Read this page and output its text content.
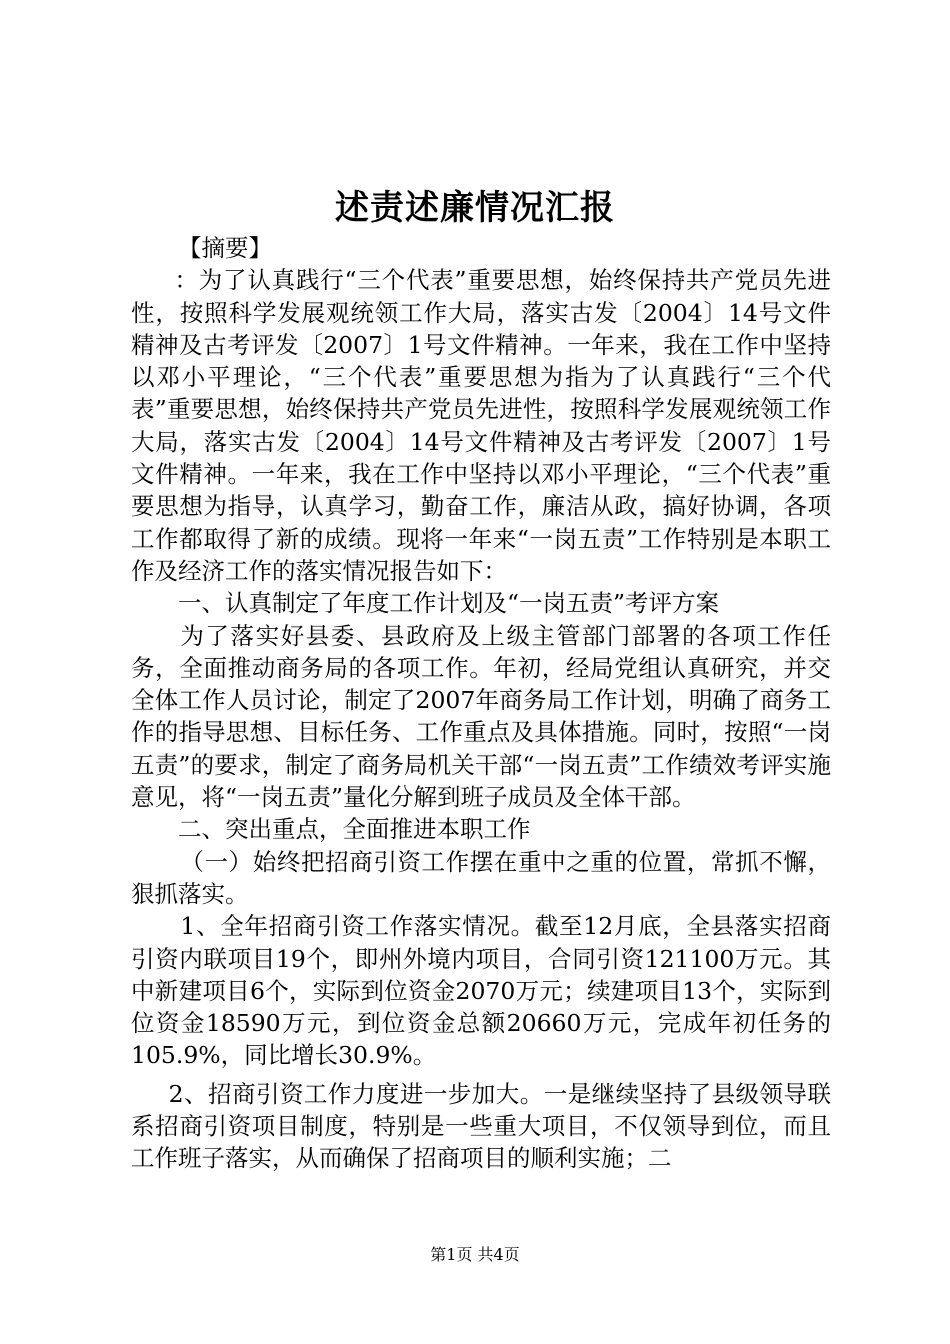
述责述廉情况汇报

【摘要】

：为了认真践行“三个代表”重要思想，始终保持共产党员先进性，按照科学发展观统领工作大局，落实古发〔2004〕14号文件精神及古考评发〔2007〕1号文件精神。一年来，我在工作中坚持以邓小平理论，“三个代表”重要思想为指为了认真践行“三个代表”重要思想，始终保持共产党员先进性，按照科学发展观统领工作大局，落实古发〔2004〕14号文件精神及古考评发〔2007〕1号文件精神。一年来，我在工作中坚持以邓小平理论，“三个代表”重要思想为指导，认真学习，勤奋工作，廉洁从政，搞好协调，各项工作都取得了新的成绩。现将一年来“一岗五责”工作特别是本职工作及经济工作的落实情况报告如下：

一、认真制定了年度工作计划及“一岗五责”考评方案

为了落实好县委、县政府及上级主管部门部署的各项工作任务，全面推动商务局的各项工作。年初，经局党组认真研究，并交全体工作人员讨论，制定了2007年商务局工作计划，明确了商务工作的指导思想、目标任务、工作重点及具体措施。同时，按照“一岗五责”的要求，制定了商务局机关干部“一岗五责”工作绩效考评实施意见，将“一岗五责”量化分解到班子成员及全体干部。

二、突出重点，全面推进本职工作

（一）始终把招商引资工作摆在重中之重的位置，常抓不懈，狠抓落实。

1、全年招商引资工作落实情况。截至12月底，全县落实招商引资内联项目19个，即州外境内项目，合同引资121100万元。其中新建项目6个，实际到位资金2070万元；续建项目13个，实际到位资金18590万元，到位资金总额20660万元，完成年初任务的105.9%，同比增长30.9%。

2、招商引资工作力度进一步加大。一是继续坚持了县级领导联系招商引资项目制度，特别是一些重大项目，不仅领导到位，而且工作班子落实，从而确保了招商项目的顺利实施；二

第1页 共4页
